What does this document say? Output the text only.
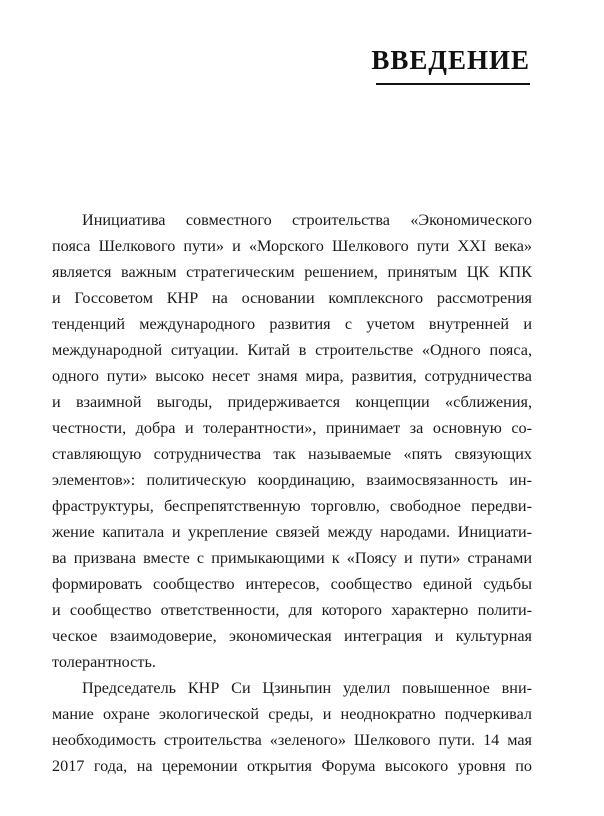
ВВЕДЕНИЕ
Инициатива совместного строительства «Экономического
пояса Шелкового пути» и «Морского Шелкового пути XXI века»
является важным стратегическим решением, принятым ЦК КПК
и Госсоветом КНР на основании комплексного рассмотрения
тенденций международного развития с учетом внутренней и
международной ситуации. Китай в строительстве «Одного пояса,
одного пути» высоко несет знамя мира, развития, сотрудничества
и взаимной выгоды, придерживается концепции «сближения,
честности, добра и толерантности», принимает за основную со-
ставляющую сотрудничества так называемые «пять связующих
элементов»: политическую координацию, взаимосвязанность ин-
фраструктуры, беспрепятственную торговлю, свободное передви-
жение капитала и укрепление связей между народами. Инициати-
ва призвана вместе с примыкающими к «Поясу и пути» странами
формировать сообщество интересов, сообщество единой судьбы
и сообщество ответственности, для которого характерно полити-
ческое взаимодоверие, экономическая интеграция и культурная
толерантность.
Председатель КНР Си Цзиньпин уделил повышенное вни-
мание охране экологической среды, и неоднократно подчеркивал
необходимость строительства «зеленого» Шелкового пути. 14 мая
2017 года, на церемонии открытия Форума высокого уровня по
